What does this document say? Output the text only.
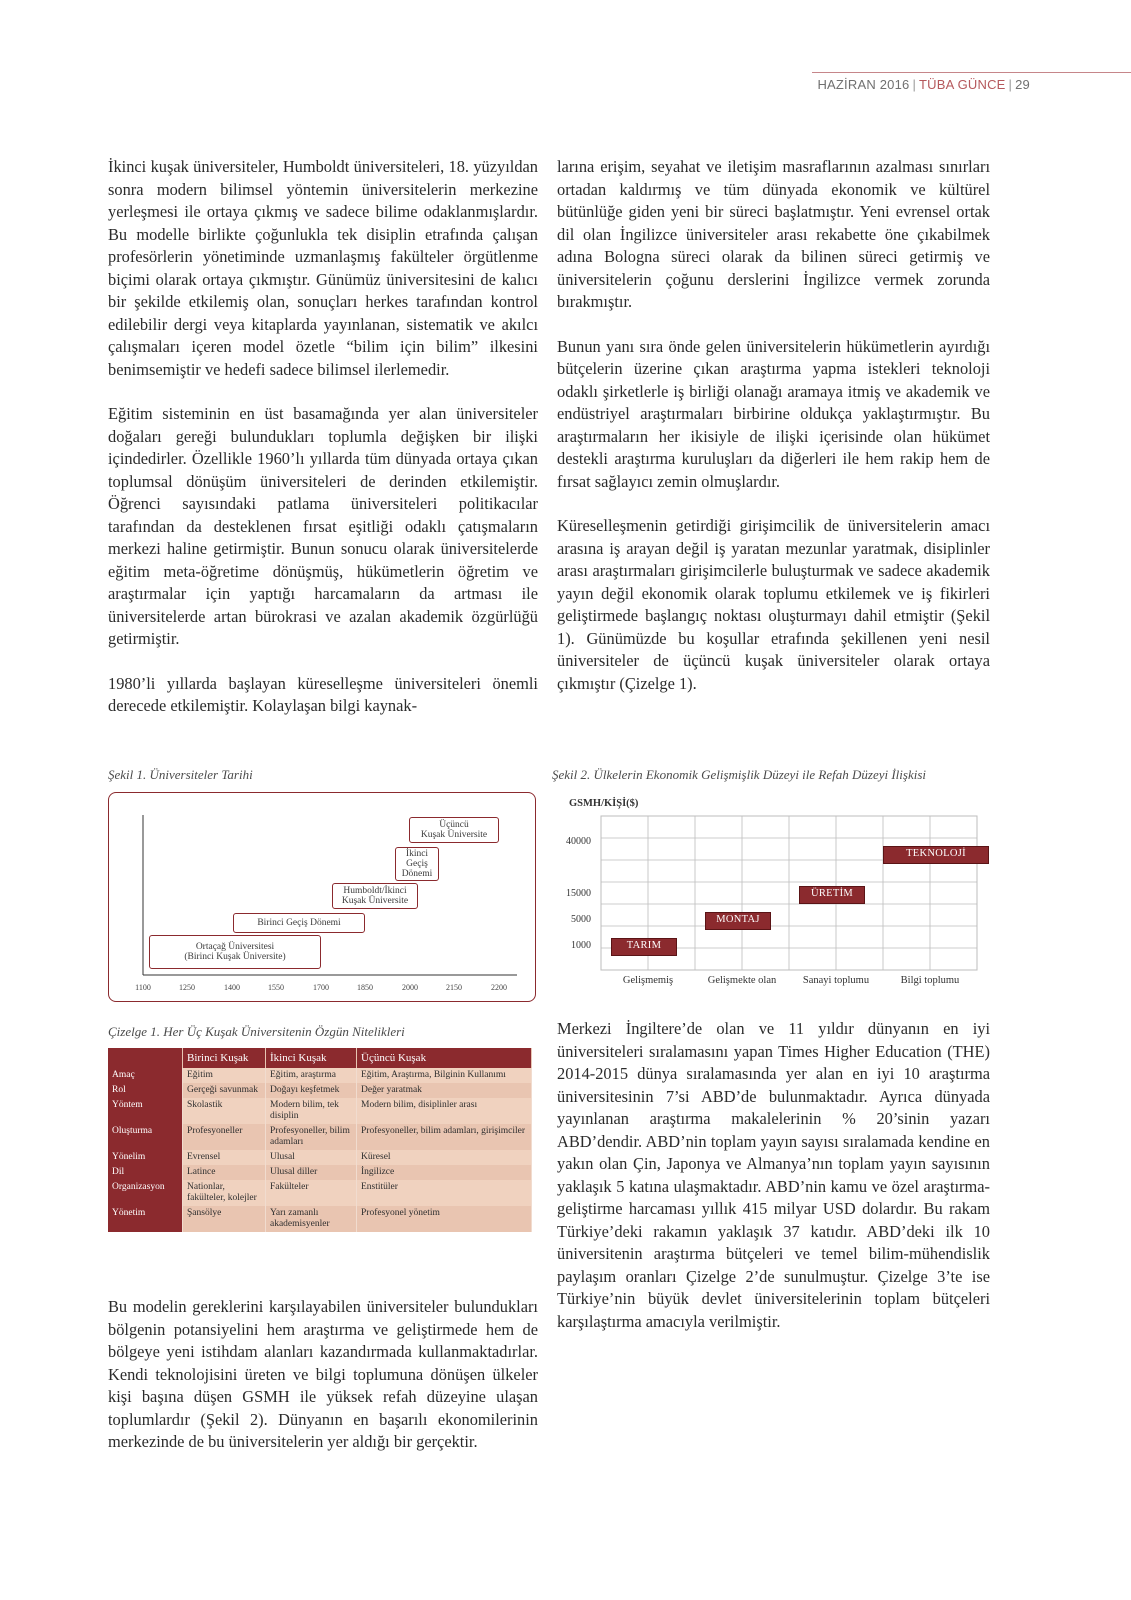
HAZİRAN 2016 | TÜBA GÜNCE | 29

İkinci kuşak üniversiteler, Humboldt üniversiteleri, 18. yüzyıldan sonra modern bilimsel yöntemin üniversitelerin merkezine yerleşmesi ile ortaya çıkmış ve sadece bilime odaklanmışlardır. Bu modelle birlikte çoğunlukla tek disiplin etrafında çalışan profesörlerin yönetiminde uzmanlaşmış fakülteler örgütlenme biçimi olarak ortaya çıkmıştır. Günümüz üniversitesini de kalıcı bir şekilde etkilemiş olan, sonuçları herkes tarafından kontrol edilebilir dergi veya kitaplarda yayınlanan, sistematik ve akılcı çalışmaları içeren model özetle “bilim için bilim” ilkesini benimsemiştir ve hedefi sadece bilimsel ilerlemedir.

Eğitim sisteminin en üst basamağında yer alan üniversiteler doğaları gereği bulundukları toplumla değişken bir ilişki içindedirler. Özellikle 1960’lı yıllarda tüm dünyada ortaya çıkan toplumsal dönüşüm üniversiteleri de derinden etkilemiştir. Öğrenci sayısındaki patlama üniversiteleri politikacılar tarafından da desteklenen fırsat eşitliği odaklı çatışmaların merkezi haline getirmiştir. Bunun sonucu olarak üniversitelerde eğitim meta-öğretime dönüşmüş, hükümetlerin öğretim ve araştırmalar için yaptığı harcamaların da artması ile üniversitelerde artan bürokrasi ve azalan akademik özgürlüğü getirmiştir.

1980’li yıllarda başlayan küreselleşme üniversiteleri önemli derecede etkilemiştir. Kolaylaşan bilgi kaynak-

larına erişim, seyahat ve iletişim masraflarının azalması sınırları ortadan kaldırmış ve tüm dünyada ekonomik ve kültürel bütünlüğe giden yeni bir süreci başlatmıştır. Yeni evrensel ortak dil olan İngilizce üniversiteler arası rekabette öne çıkabilmek adına Bologna süreci olarak da bilinen süreci getirmiş ve üniversitelerin çoğunu derslerini İngilizce vermek zorunda bırakmıştır.

Bunun yanı sıra önde gelen üniversitelerin hükümetlerin ayırdığı bütçelerin üzerine çıkan araştırma yapma istekleri teknoloji odaklı şirketlerle iş birliği olanağı aramaya itmiş ve akademik ve endüstriyel araştırmaları birbirine oldukça yaklaştırmıştır. Bu araştırmaların her ikisiyle de ilişki içerisinde olan hükümet destekli araştırma kuruluşları da diğerleri ile hem rakip hem de fırsat sağlayıcı zemin olmuşlardır.

Küreselleşmenin getirdiği girişimcilik de üniversitelerin amacı arasına iş arayan değil iş yaratan mezunlar yaratmak, disiplinler arası araştırmaları girişimcilerle buluşturmak ve sadece akademik yayın değil ekonomik olarak toplumu etkilemek ve iş fikirleri geliştirmede başlangıç noktası oluşturmayı dahil etmiştir (Şekil 1). Günümüzde bu koşullar etrafında şekillenen yeni nesil üniversiteler de üçüncü kuşak üniversiteler olarak ortaya çıkmıştır (Çizelge 1).

Şekil 1. Üniversiteler Tarihi
Ortaçağ Üniversitesi
(Birinci Kuşak Üniversite)
Birinci Geçiş Dönemi
Humboldt/İkinci
Kuşak Üniversite
İkinci
Geçiş
Dönemi
Üçüncü
Kuşak Üniversite
1100	1250	1400	1550	1700	1850	2000	2150	2200
Şekil 2. Ülkelerin Ekonomik Gelişmişlik Düzeyi ile Refah Düzeyi İlişkisi
GSMH/KİŞİ($)
40000
15000
5000
1000
Gelişmemiş	Gelişmekte olan	Sanayi toplumu	Bilgi toplumu
TARIM
MONTAJ
ÜRETİM
TEKNOLOJİ
Çizelge 1. Her Üç Kuşak Üniversitenin Özgün Nitelikleri
	Birinci Kuşak	İkinci Kuşak	Üçüncü Kuşak
Amaç	Eğitim	Eğitim, araştırma	Eğitim, Araştırma, Bilginin Kullanımı
Rol	Gerçeği savunmak	Doğayı keşfetmek	Değer yaratmak
Yöntem	Skolastik	Modern bilim, tek disiplin	Modern bilim, disiplinler arası
Oluşturma	Profesyoneller	Profesyoneller, bilim adamları	Profesyoneller, bilim adamları, girişimciler
Yönelim	Evrensel	Ulusal	Küresel
Dil	Latince	Ulusal diller	İngilizce
Organizasyon	Nationlar, fakülteler, kolejler	Fakülteler	Enstitüler
Yönetim	Şansölye	Yarı zamanlı akademisyenler	Profesyonel yönetim

Bu modelin gereklerini karşılayabilen üniversiteler bulundukları bölgenin potansiyelini hem araştırma ve geliştirmede hem de bölgeye yeni istihdam alanları kazandırmada kullanmaktadırlar. Kendi teknolojisini üreten ve bilgi toplumuna dönüşen ülkeler kişi başına düşen GSMH ile yüksek refah düzeyine ulaşan toplumlardır (Şekil 2). Dünyanın en başarılı ekonomilerinin merkezinde de bu üniversitelerin yer aldığı bir gerçektir.

Merkezi İngiltere’de olan ve 11 yıldır dünyanın en iyi üniversiteleri sıralamasını yapan Times Higher Education (THE) 2014-2015 dünya sıralamasında yer alan en iyi 10 araştırma üniversitesinin 7’si ABD’de bulunmaktadır. Ayrıca dünyada yayınlanan araştırma makalelerinin % 20’sinin yazarı ABD’dendir. ABD’nin toplam yayın sayısı sıralamada kendine en yakın olan Çin, Japonya ve Almanya’nın toplam yayın sayısının yaklaşık 5 katına ulaşmaktadır. ABD’nin kamu ve özel araştırma-geliştirme harcaması yıllık 415 milyar USD dolardır. Bu rakam Türkiye’deki rakamın yaklaşık 37 katıdır. ABD’deki ilk 10 üniversitenin araştırma bütçeleri ve temel bilim-mühendislik paylaşım oranları Çizelge 2’de sunulmuştur. Çizelge 3’te ise Türkiye’nin büyük devlet üniversitelerinin toplam bütçeleri karşılaştırma amacıyla verilmiştir.
